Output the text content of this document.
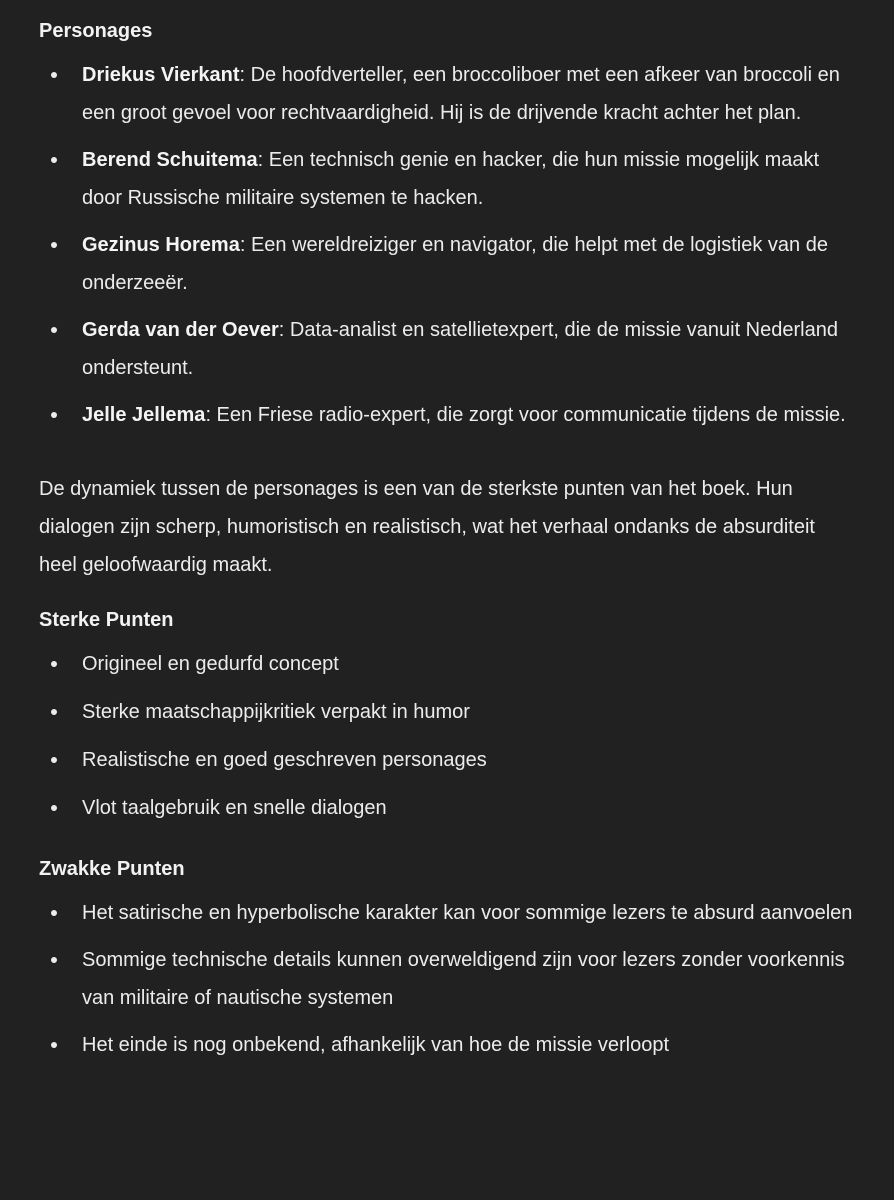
Personages
Driekus Vierkant: De hoofdverteller, een broccoliboer met een afkeer van broccoli en een groot gevoel voor rechtvaardigheid. Hij is de drijvende kracht achter het plan.
Berend Schuitema: Een technisch genie en hacker, die hun missie mogelijk maakt door Russische militaire systemen te hacken.
Gezinus Horema: Een wereldreiziger en navigator, die helpt met de logistiek van de onderzeeër.
Gerda van der Oever: Data-analist en satellietexpert, die de missie vanuit Nederland ondersteunt.
Jelle Jellema: Een Friese radio-expert, die zorgt voor communicatie tijdens de missie.

De dynamiek tussen de personages is een van de sterkste punten van het boek. Hun dialogen zijn scherp, humoristisch en realistisch, wat het verhaal ondanks de absurditeit heel geloofwaardig maakt.

Sterke Punten
Origineel en gedurfd concept
Sterke maatschappijkritiek verpakt in humor
Realistische en goed geschreven personages
Vlot taalgebruik en snelle dialogen
Zwakke Punten
Het satirische en hyperbolische karakter kan voor sommige lezers te absurd aanvoelen
Sommige technische details kunnen overweldigend zijn voor lezers zonder voorkennis van militaire of nautische systemen
Het einde is nog onbekend, afhankelijk van hoe de missie verloopt
